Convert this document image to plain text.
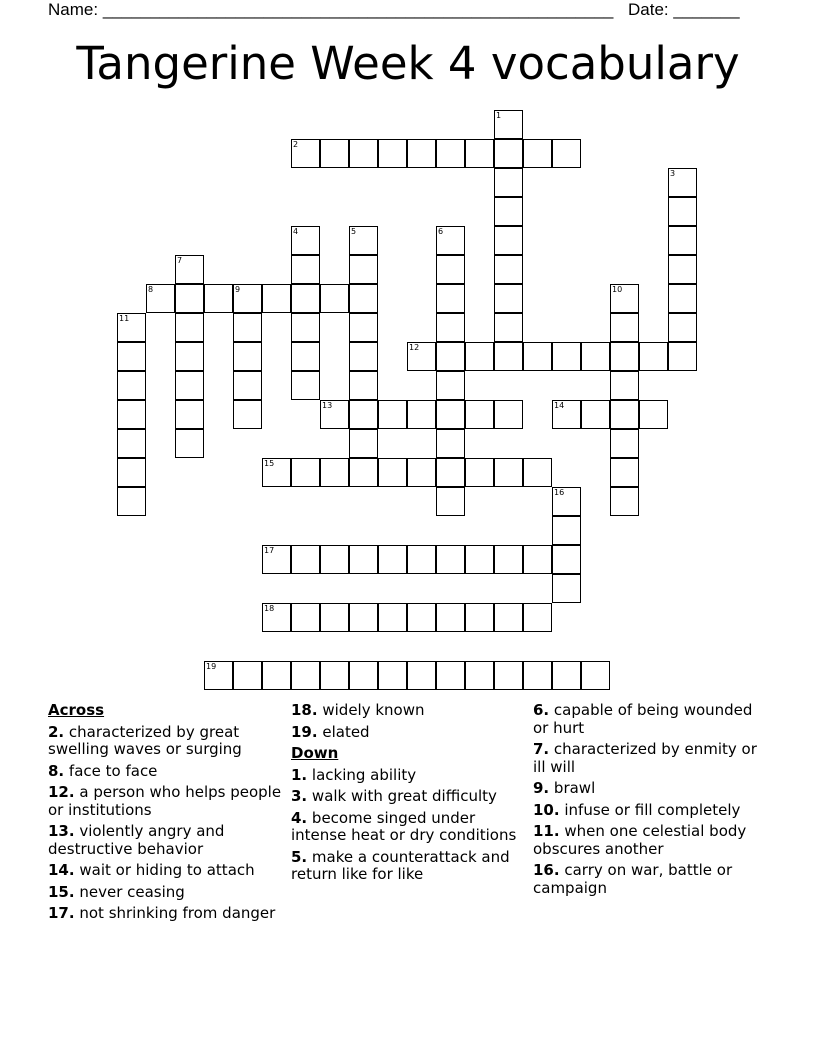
Name: ______________________________________________________ Date: _______
Tangerine Week 4 vocabulary
1
2
3
4	5	6
7
8	9	10
11
12
13	14
15
16
17
18
19
Across
2. characterized by great swelling waves or surging
8. face to face
12. a person who helps people or institutions
13. violently angry and destructive behavior
14. wait or hiding to attach
15. never ceasing
17. not shrinking from danger
18. widely known
19. elated
Down
1. lacking ability
3. walk with great difficulty
4. become singed under intense heat or dry conditions
5. make a counterattack and return like for like
6. capable of being wounded or hurt
7. characterized by enmity or ill will
9. brawl
10. infuse or fill completely
11. when one celestial body obscures another
16. carry on war, battle or campaign
